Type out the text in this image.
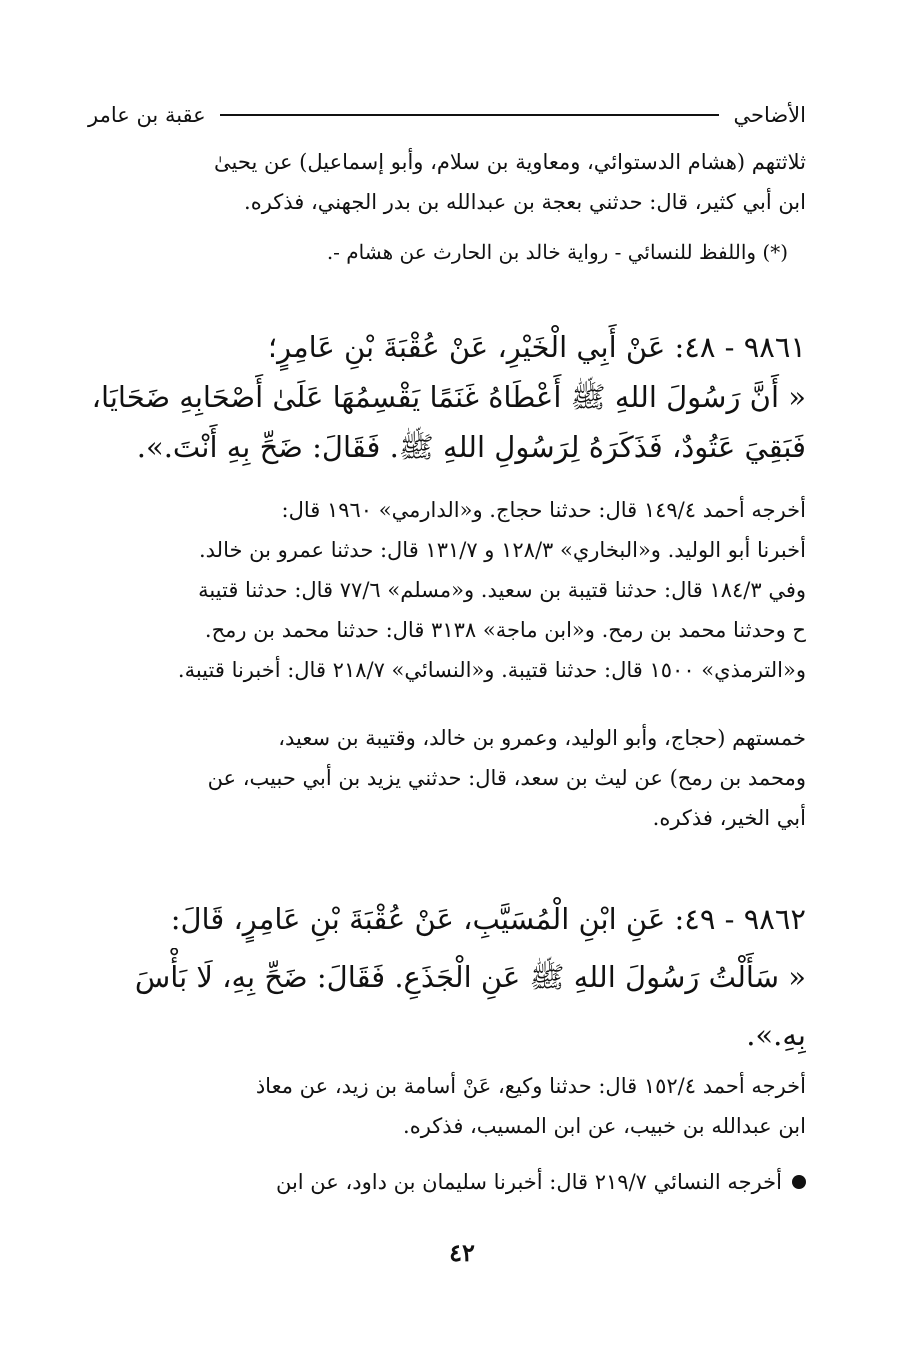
الأضاحي
عقبة بن عامر

ثلاثتهم (هشام الدستوائي، ومعاوية بن سلام، وأبو إسماعيل) عن يحيىٰ
ابن أبي كثير، قال: حدثني بعجة بن عبدالله بن بدر الجهني، فذكره.

(*) واللفظ للنسائي - رواية خالد بن الحارث عن هشام -.

٩٨٦١ - ٤٨: عَنْ أَبِي الْخَيْرِ، عَنْ عُقْبَةَ بْنِ عَامِرٍ؛
« أَنَّ رَسُولَ اللهِ ﷺ أَعْطَاهُ غَنَمًا يَقْسِمُهَا عَلَىٰ أَصْحَابِهِ ضَحَايَا،
فَبَقِيَ عَتُودٌ، فَذَكَرَهُ لِرَسُولِ اللهِ ﷺ. فَقَالَ: ضَحِّ بِهِ أَنْتَ.».

أخرجه أحمد ١٤٩/٤ قال: حدثنا حجاج. و«الدارمي» ١٩٦٠ قال:
أخبرنا أبو الوليد. و«البخاري» ١٢٨/٣ و ١٣١/٧ قال: حدثنا عمرو بن خالد.
وفي ١٨٤/٣ قال: حدثنا قتيبة بن سعيد. و«مسلم» ٧٧/٦ قال: حدثنا قتيبة
ح وحدثنا محمد بن رمح. و«ابن ماجة» ٣١٣٨ قال: حدثنا محمد بن رمح.
و«الترمذي» ١٥٠٠ قال: حدثنا قتيبة. و«النسائي» ٢١٨/٧ قال: أخبرنا قتيبة.

خمستهم (حجاج، وأبو الوليد، وعمرو بن خالد، وقتيبة بن سعيد،
ومحمد بن رمح) عن ليث بن سعد، قال: حدثني يزيد بن أبي حبيب، عن
أبي الخير، فذكره.

٩٨٦٢ - ٤٩: عَنِ ابْنِ الْمُسَيَّبِ، عَنْ عُقْبَةَ بْنِ عَامِرٍ، قَالَ:
« سَأَلْتُ رَسُولَ اللهِ ﷺ عَنِ الْجَذَعِ. فَقَالَ: ضَحِّ بِهِ، لَا بَأْسَ
بِهِ.».

أخرجه أحمد ١٥٢/٤ قال: حدثنا وكيع، عَنْ أسامة بن زيد، عن معاذ
ابن عبدالله بن خبيب، عن ابن المسيب، فذكره.

أخرجه النسائي ٢١٩/٧ قال: أخبرنا سليمان بن داود، عن ابن

٤٢
